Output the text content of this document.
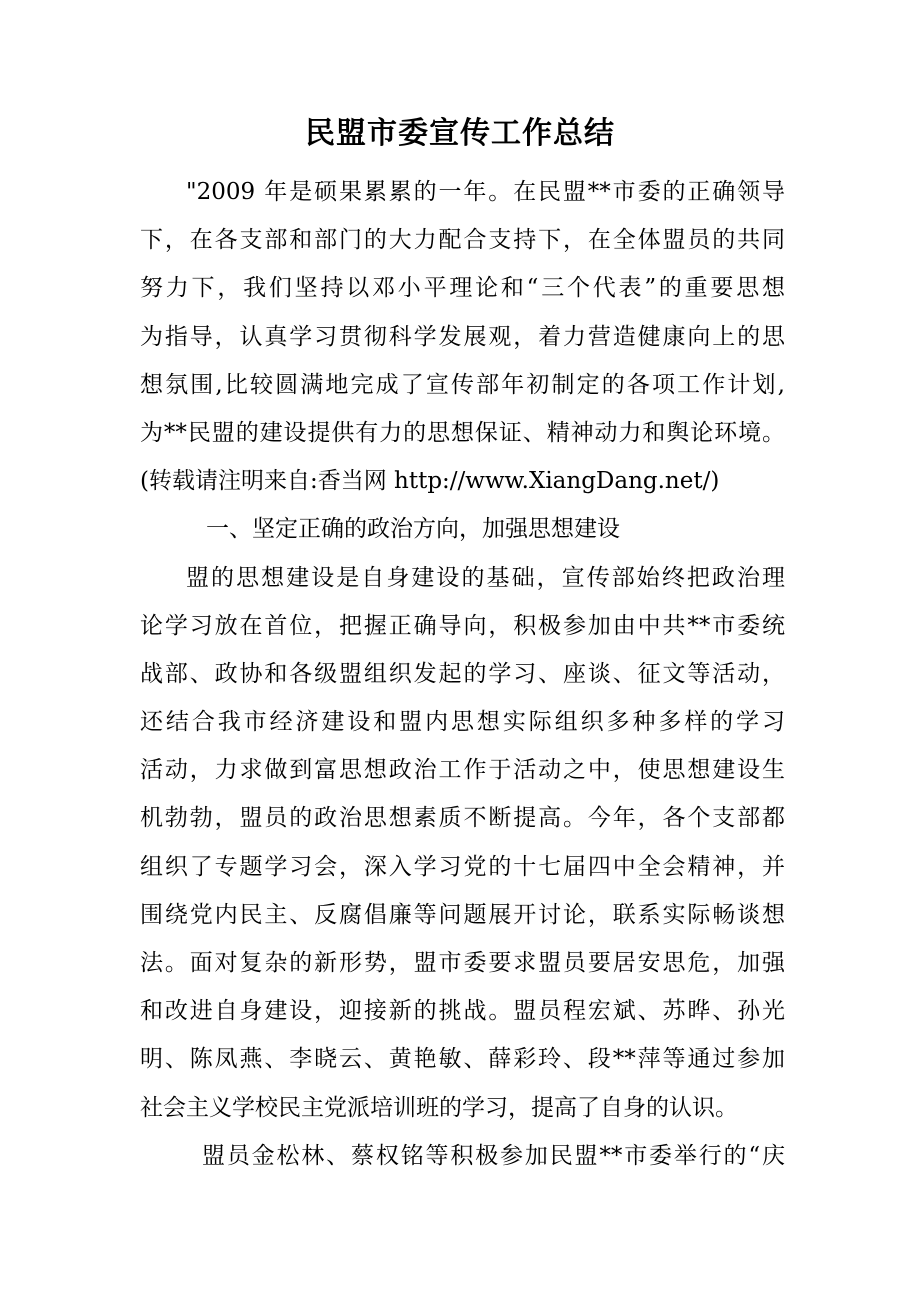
民盟市委宣传工作总结
"2009 年是硕果累累的一年。在民盟**市委的正确领导
下，在各支部和部门的大力配合支持下，在全体盟员的共同
努力下，我们坚持以邓小平理论和“三个代表”的重要思想
为指导，认真学习贯彻科学发展观，着力营造健康向上的思
想氛围,比较圆满地完成了宣传部年初制定的各项工作计划,
为**民盟的建设提供有力的思想保证、精神动力和舆论环境。
(转载请注明来自:香当网 http://www.XiangDang.net/)
一、坚定正确的政治方向，加强思想建设
盟的思想建设是自身建设的基础，宣传部始终把政治理
论学习放在首位，把握正确导向，积极参加由中共**市委统
战部、政协和各级盟组织发起的学习、座谈、征文等活动，
还结合我市经济建设和盟内思想实际组织多种多样的学习
活动，力求做到富思想政治工作于活动之中，使思想建设生
机勃勃，盟员的政治思想素质不断提高。今年，各个支部都
组织了专题学习会，深入学习党的十七届四中全会精神，并
围绕党内民主、反腐倡廉等问题展开讨论，联系实际畅谈想
法。面对复杂的新形势，盟市委要求盟员要居安思危，加强
和改进自身建设，迎接新的挑战。盟员程宏斌、苏晔、孙光
明、陈凤燕、李晓云、黄艳敏、薛彩玲、段**萍等通过参加
社会主义学校民主党派培训班的学习，提高了自身的认识。
盟员金松林、蔡权铭等积极参加民盟**市委举行的“庆
